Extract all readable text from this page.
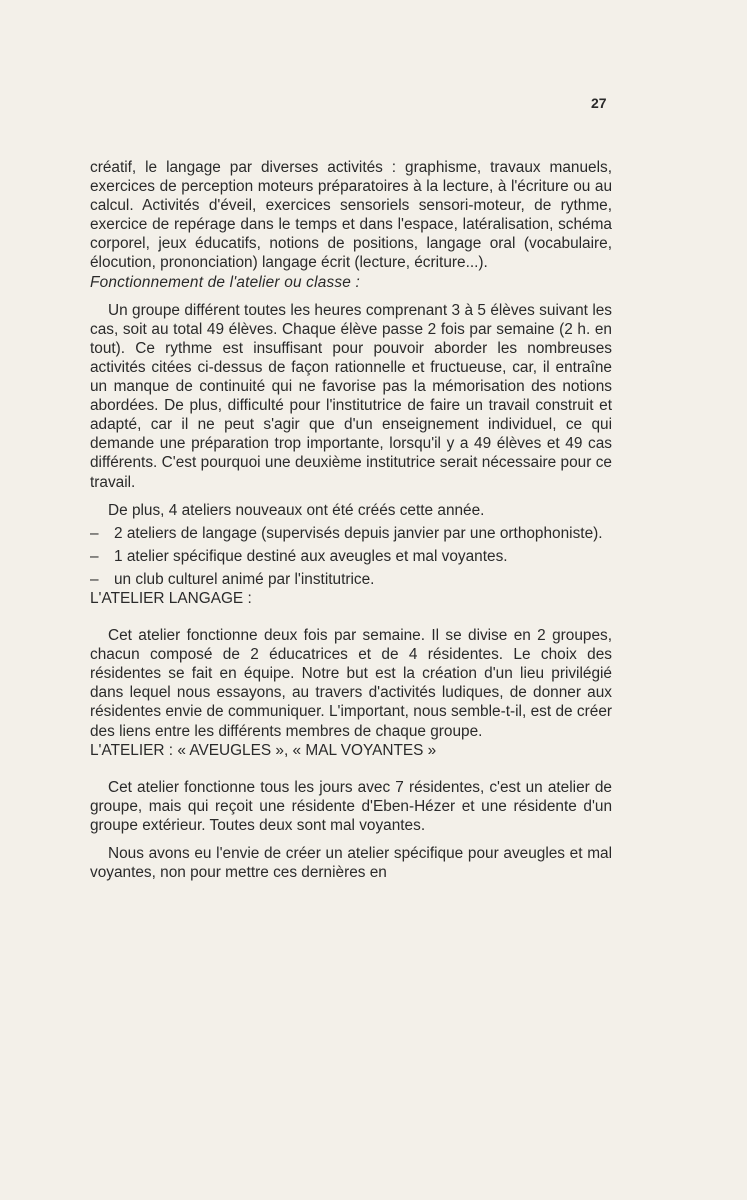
27

créatif, le langage par diverses activités : graphisme, travaux manuels, exercices de perception moteurs préparatoires à la lecture, à l'écriture ou au calcul. Activités d'éveil, exercices sensoriels sensori-moteur, de rythme, exercice de repérage dans le temps et dans l'espace, latéralisation, schéma corporel, jeux éducatifs, notions de positions, langage oral (vocabulaire, élocution, prononciation) langage écrit (lecture, écriture...).

Fonctionnement de l'atelier ou classe :

Un groupe différent toutes les heures comprenant 3 à 5 élèves suivant les cas, soit au total 49 élèves. Chaque élève passe 2 fois par semaine (2 h. en tout). Ce rythme est insuffisant pour pouvoir aborder les nombreuses activités citées ci-dessus de façon rationnelle et fructueuse, car, il entraîne un manque de continuité qui ne favorise pas la mémorisation des notions abordées. De plus, difficulté pour l'institutrice de faire un travail construit et adapté, car il ne peut s'agir que d'un enseignement individuel, ce qui demande une préparation trop importante, lorsqu'il y a 49 élèves et 49 cas différents. C'est pourquoi une deuxième institutrice serait nécessaire pour ce travail.

De plus, 4 ateliers nouveaux ont été créés cette année.

– 2 ateliers de langage (supervisés depuis janvier par une orthophoniste).
– 1 atelier spécifique destiné aux aveugles et mal voyantes.
– un club culturel animé par l'institutrice.

L'ATELIER LANGAGE :

Cet atelier fonctionne deux fois par semaine. Il se divise en 2 groupes, chacun composé de 2 éducatrices et de 4 résidentes. Le choix des résidentes se fait en équipe. Notre but est la création d'un lieu privilégié dans lequel nous essayons, au travers d'activités ludiques, de donner aux résidentes envie de communiquer. L'important, nous semble-t-il, est de créer des liens entre les différents membres de chaque groupe.

L'ATELIER : « AVEUGLES », « MAL VOYANTES »

Cet atelier fonctionne tous les jours avec 7 résidentes, c'est un atelier de groupe, mais qui reçoit une résidente d'Eben-Hézer et une résidente d'un groupe extérieur. Toutes deux sont mal voyantes.

Nous avons eu l'envie de créer un atelier spécifique pour aveugles et mal voyantes, non pour mettre ces dernières en
